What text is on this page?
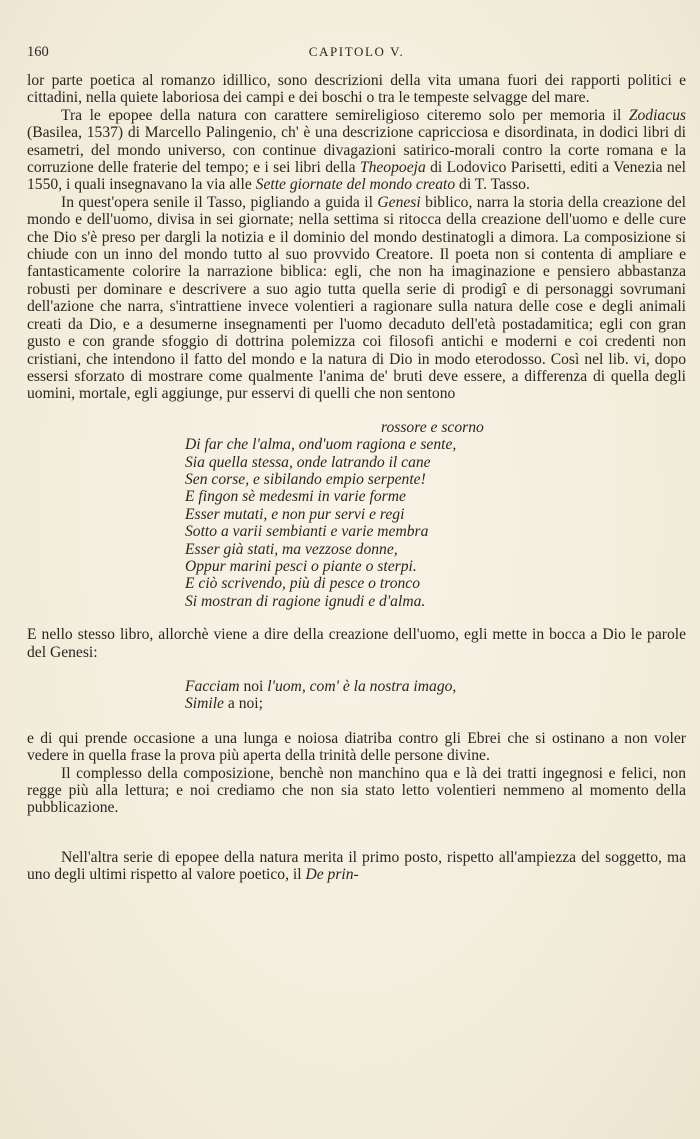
160	CAPITOLO V.

lor parte poetica al romanzo idillico, sono descrizioni della vita umana fuori dei rapporti politici e cittadini, nella quiete laboriosa dei campi e dei boschi o tra le tempeste selvagge del mare.

Tra le epopee della natura con carattere semireligioso citeremo solo per memoria il Zodiacus (Basilea, 1537) di Marcello Palingenio, ch' è una descrizione capricciosa e disordinata, in dodici libri di esametri, del mondo universo, con continue divagazioni satirico-morali contro la corte romana e la corruzione delle fraterie del tempo; e i sei libri della Theopoeja di Lodovico Parisetti, editi a Venezia nel 1550, i quali insegnavano la via alle Sette giornate del mondo creato di T. Tasso.

In quest'opera senile il Tasso, pigliando a guida il Genesi biblico, narra la storia della creazione del mondo e dell'uomo, divisa in sei giornate; nella settima si ritocca della creazione dell'uomo e delle cure che Dio s'è preso per dargli la notizia e il dominio del mondo destinatogli a dimora. La composizione si chiude con un inno del mondo tutto al suo provvido Creatore. Il poeta non si contenta di ampliare e fantasticamente colorire la narrazione biblica: egli, che non ha imaginazione e pensiero abbastanza robusti per dominare e descrivere a suo agio tutta quella serie di prodigî e di personaggi sovrumani dell'azione che narra, s'intrattiene invece volentieri a ragionare sulla natura delle cose e degli animali creati da Dio, e a desumerne insegnamenti per l'uomo decaduto dell'età postadamitica; egli con gran gusto e con grande sfoggio di dottrina polemizza coi filosofi antichi e moderni e coi credenti non cristiani, che intendono il fatto del mondo e la natura di Dio in modo eterodosso. Così nel lib. vi, dopo essersi sforzato di mostrare come qualmente l'anima de' bruti deve essere, a differenza di quella degli uomini, mortale, egli aggiunge, pur esservi di quelli che non sentono

rossore e scorno
Di far che l'alma, ond'uom ragiona e sente,
Sia quella stessa, onde latrando il cane
Sen corse, e sibilando empio serpente!
E fingon sè medesmi in varie forme
Esser mutati, e non pur servi e regi
Sotto a varii sembianti e varie membra
Esser già stati, ma vezzose donne,
Oppur marini pesci o piante o sterpi.
E ciò scrivendo, più di pesce o tronco
Si mostran di ragione ignudi e d'alma.

E nello stesso libro, allorchè viene a dire della creazione dell'uomo, egli mette in bocca a Dio le parole del Genesi:

Facciam noi l'uom, com' è la nostra imago,
Simile a noi;

e di qui prende occasione a una lunga e noiosa diatriba contro gli Ebrei che si ostinano a non voler vedere in quella frase la prova più aperta della trinità delle persone divine.

Il complesso della composizione, benchè non manchino qua e là dei tratti ingegnosi e felici, non regge più alla lettura; e noi crediamo che non sia stato letto volentieri nemmeno al momento della pubblicazione.

Nell'altra serie di epopee della natura merita il primo posto, rispetto all'ampiezza del soggetto, ma uno degli ultimi rispetto al valore poetico, il De prin-
